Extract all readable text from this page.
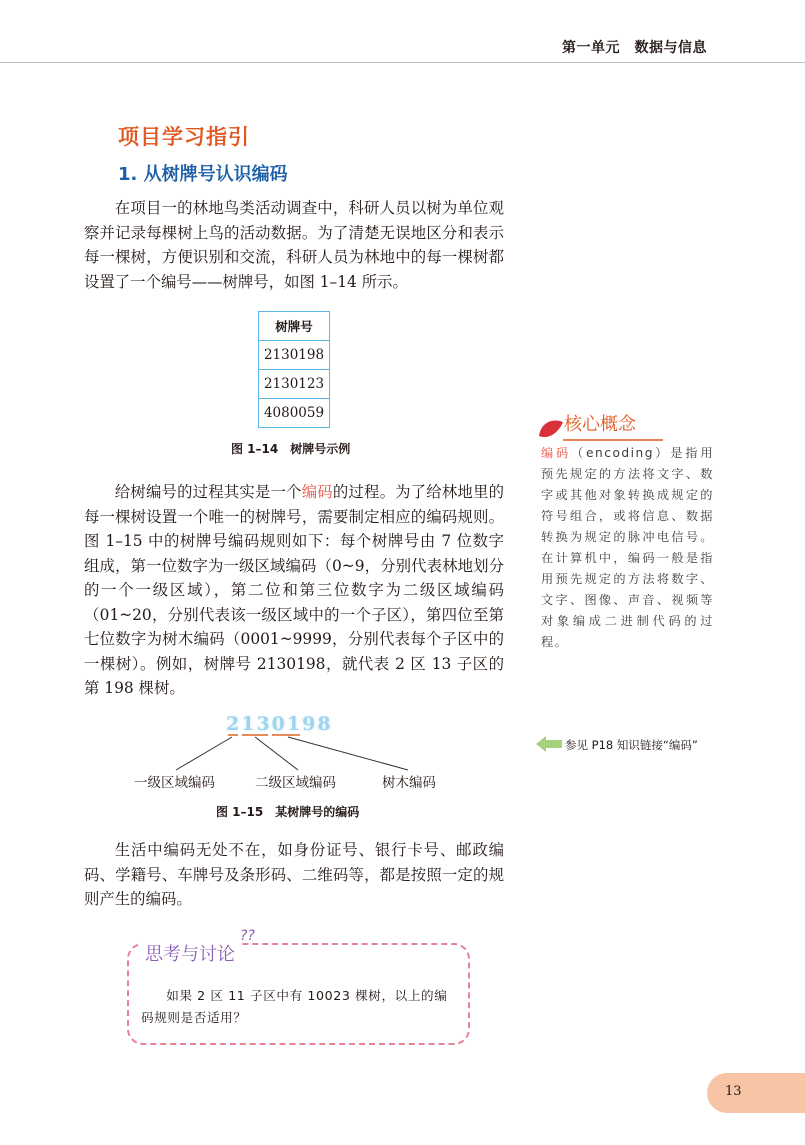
第一单元　数据与信息
项目学习指引
1. 从树牌号认识编码

在项目一的林地鸟类活动调查中，科研人员以树为单位观察并记录每棵树上鸟的活动数据。为了清楚无误地区分和表示每一棵树，方便识别和交流，科研人员为林地中的每一棵树都设置了一个编号——树牌号，如图 1–14 所示。

树牌号
2130198
2130123
4080059
图 1–14　树牌号示例

给树编号的过程其实是一个编码的过程。为了给林地里的每一棵树设置一个唯一的树牌号，需要制定相应的编码规则。图 1–15 中的树牌号编码规则如下：每个树牌号由 7 位数字组成，第一位数字为一级区域编码（0~9，分别代表林地划分的一个一级区域），第二位和第三位数字为二级区域编码（01~20，分别代表该一级区域中的一个子区），第四位至第七位数字为树木编码（0001~9999，分别代表每个子区中的一棵树）。例如，树牌号 2130198，就代表 2 区 13 子区的第 198 棵树。

2130198
一级区域编码	二级区域编码	树木编码
图 1–15　某树牌号的编码

生活中编码无处不在，如身份证号、银行卡号、邮政编码、学籍号、车牌号及条形码、二维码等，都是按照一定的规则产生的编码。

核心概念
编码（encoding）是指用预先规定的方法将文字、数字或其他对象转换成规定的符号组合，或将信息、数据转换为规定的脉冲电信号。在计算机中，编码一般是指用预先规定的方法将数字、文字、图像、声音、视频等对象编成二进制代码的过程。
参见 P18 知识链接“编码”
思考与讨论
??
如果 2 区 11 子区中有 10023 棵树，以上的编码规则是否适用？
13
